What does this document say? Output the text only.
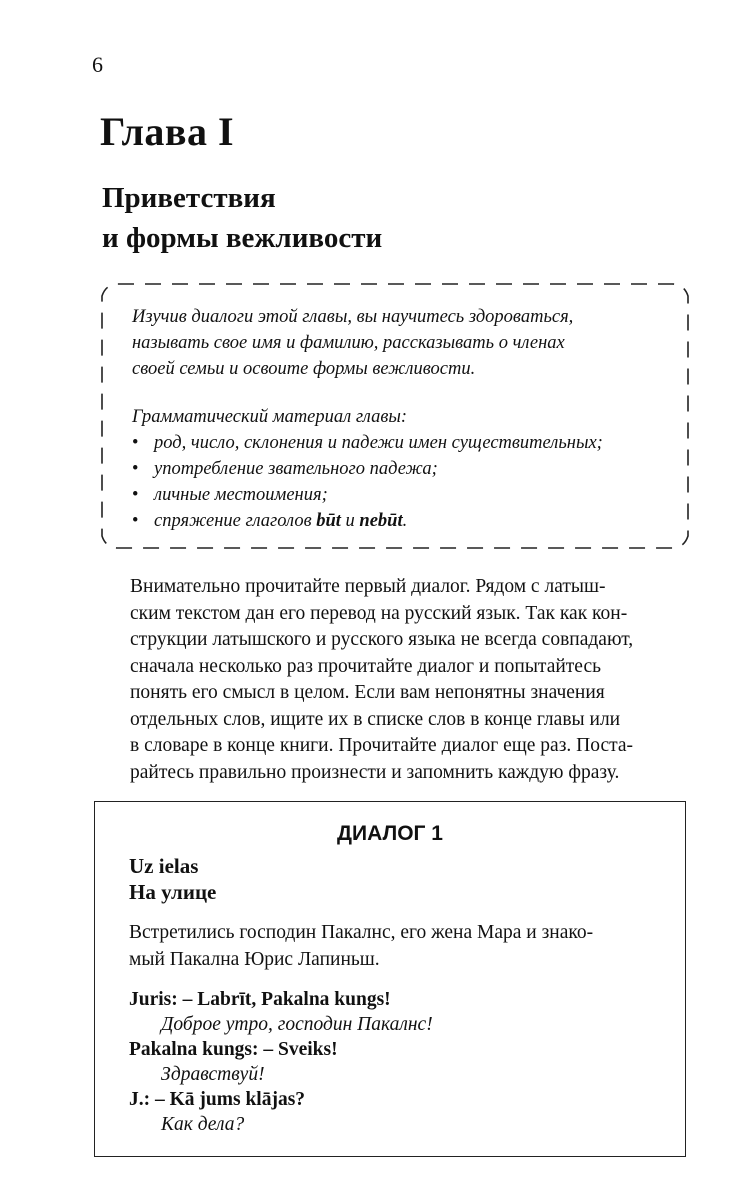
6
Глава I
Приветствия
и формы вежливости

Изучив диалоги этой главы, вы научитесь здороваться,
называть свое имя и фамилию, рассказывать о членах
своей семьи и освоите формы вежливости.

Грамматический материал главы:

• род, число, склонения и падежи имен существительных;
• употребление звательного падежа;
• личные местоимения;
• спряжение глаголов būt и nebūt.

Внимательно прочитайте первый диалог. Рядом с латыш-
ским текстом дан его перевод на русский язык. Так как кон-
струкции латышского и русского языка не всегда совпадают,
сначала несколько раз прочитайте диалог и попытайтесь
понять его смысл в целом. Если вам непонятны значения
отдельных слов, ищите их в списке слов в конце главы или
в словаре в конце книги. Прочитайте диалог еще раз. Поста-
райтесь правильно произнести и запомнить каждую фразу.

ДИАЛОГ 1
Uz ielas
На улице

Встретились господин Пакалнс, его жена Мара и знако-
мый Пакална Юрис Лапиньш.

Juris: – Labrīt, Pakalna kungs!
Доброе утро, господин Пакалнс!
Pakalna kungs: – Sveiks!
Здравствуй!
J.: – Kā jums klājas?
Как дела?
